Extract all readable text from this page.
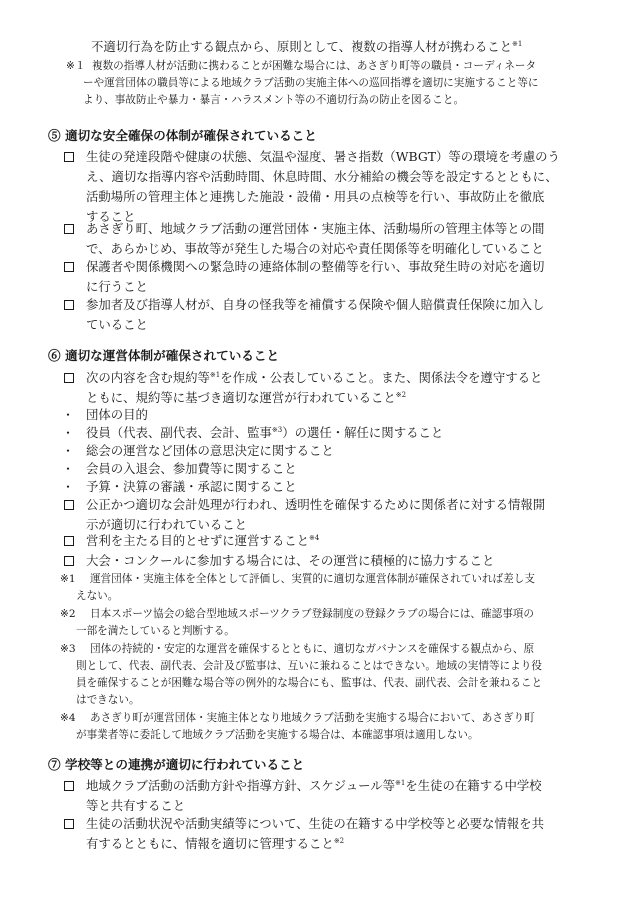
不適切行為を防止する観点から、原則として、複数の指導人材が携わること$^{※1}$
※１ 複数の指導人材が活動に携わることが困難な場合には、あさぎり町等の職員・コーディネータ
ーや運営団体の職員等による地域クラブ活動の実施主体への巡回指導を適切に実施すること等に
より、事故防止や暴力・暴言・ハラスメント等の不適切行為の防止を図ること。
⑤ 適切な安全確保の体制が確保されていること
生徒の発達段階や健康の状態、気温や湿度、暑さ指数（WBGT）等の環境を考慮のう
え、適切な指導内容や活動時間、休息時間、水分補給の機会等を設定するとともに、
活動場所の管理主体と連携した施設・設備・用具の点検等を行い、事故防止を徹底
すること
あさぎり町、地域クラブ活動の運営団体・実施主体、活動場所の管理主体等との間
で、あらかじめ、事故等が発生した場合の対応や責任関係等を明確化していること
保護者や関係機関への緊急時の連絡体制の整備等を行い、事故発生時の対応を適切
に行うこと
参加者及び指導人材が、自身の怪我等を補償する保険や個人賠償責任保険に加入し
ていること
⑥ 適切な運営体制が確保されていること
次の内容を含む規約等$^{※1}$を作成・公表していること。また、関係法令を遵守すると
ともに、規約等に基づき適切な運営が行われていること$^{※2}$
・ 団体の目的
・ 役員（代表、副代表、会計、監事$^{※3}$）の選任・解任に関すること
・ 総会の運営など団体の意思決定に関すること
・ 会員の入退会、参加費等に関すること
・ 予算・決算の審議・承認に関すること
公正かつ適切な会計処理が行われ、透明性を確保するために関係者に対する情報開
示が適切に行われていること
営利を主たる目的とせずに運営すること$^{※4}$
大会・コンクールに参加する場合には、その運営に積極的に協力すること
※1 運営団体・実施主体を全体として評価し、実質的に適切な運営体制が確保されていれば差し支
えない。
※2 日本スポーツ協会の総合型地域スポーツクラブ登録制度の登録クラブの場合には、確認事項の
一部を満たしていると判断する。
※3 団体の持続的・安定的な運営を確保するとともに、適切なガバナンスを確保する観点から、原
則として、代表、副代表、会計及び監事は、互いに兼ねることはできない。地域の実情等により役
員を確保することが困難な場合等の例外的な場合にも、監事は、代表、副代表、会計を兼ねること
はできない。
※4 あさぎり町が運営団体・実施主体となり地域クラブ活動を実施する場合において、あさぎり町
が事業者等に委託して地域クラブ活動を実施する場合は、本確認事項は適用しない。
⑦ 学校等との連携が適切に行われていること
地域クラブ活動の活動方針や指導方針、スケジュール等$^{※1}$を生徒の在籍する中学校
等と共有すること
生徒の活動状況や活動実績等について、生徒の在籍する中学校等と必要な情報を共
有するとともに、情報を適切に管理すること$^{※2}$
